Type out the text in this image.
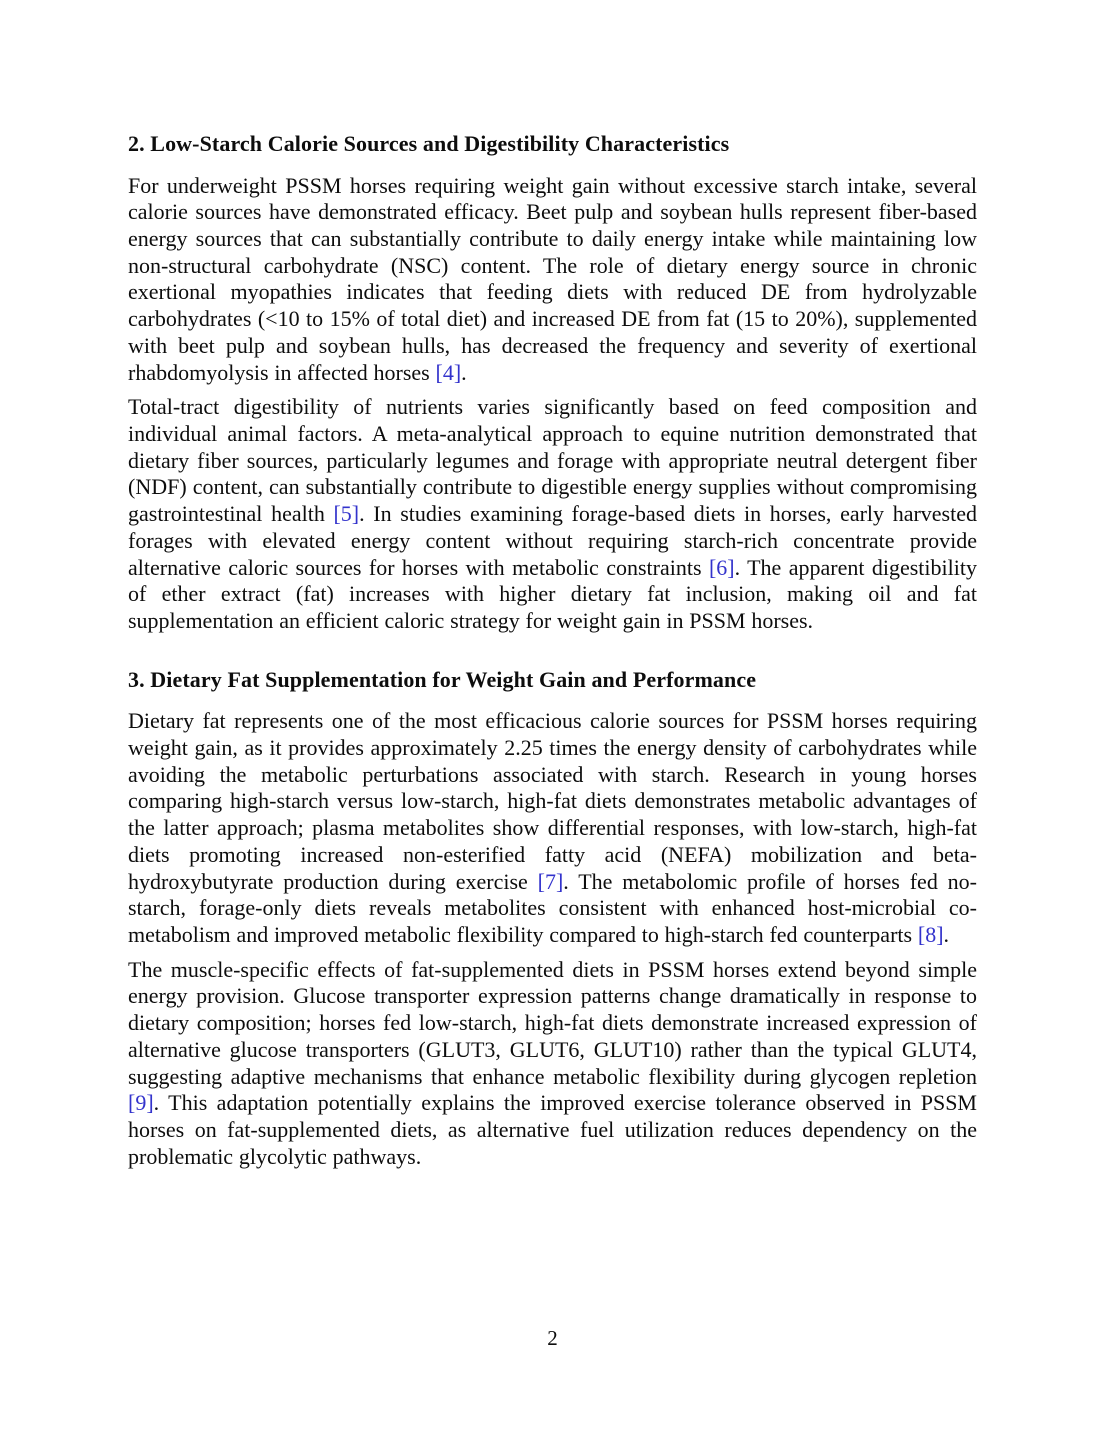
2. Low-Starch Calorie Sources and Digestibility Characteristics

For underweight PSSM horses requiring weight gain without excessive starch intake, several calorie sources have demonstrated efficacy. Beet pulp and soybean hulls represent fiber-based energy sources that can substantially contribute to daily energy intake while maintaining low non-structural carbohydrate (NSC) content. The role of dietary energy source in chronic exertional myopathies indicates that feeding diets with reduced DE from hydrolyzable carbohydrates (<10 to 15% of total diet) and increased DE from fat (15 to 20%), supplemented with beet pulp and soybean hulls, has decreased the frequency and severity of exertional rhabdomyolysis in affected horses [4].

Total-tract digestibility of nutrients varies significantly based on feed composition and individual animal factors. A meta-analytical approach to equine nutrition demonstrated that dietary fiber sources, particularly legumes and forage with appropriate neutral detergent fiber (NDF) content, can substantially contribute to digestible energy supplies without compromising gastrointestinal health [5]. In studies examining forage-based diets in horses, early harvested forages with elevated energy content without requiring starch-rich concentrate provide alternative caloric sources for horses with metabolic constraints [6]. The apparent digestibility of ether extract (fat) increases with higher dietary fat inclusion, making oil and fat supplementation an efficient caloric strategy for weight gain in PSSM horses.

3. Dietary Fat Supplementation for Weight Gain and Performance

Dietary fat represents one of the most efficacious calorie sources for PSSM horses requiring weight gain, as it provides approximately 2.25 times the energy density of carbohydrates while avoiding the metabolic perturbations associated with starch. Research in young horses comparing high-starch versus low-starch, high-fat diets demonstrates metabolic advantages of the latter approach; plasma metabolites show differential responses, with low-starch, high-fat diets promoting increased non-esterified fatty acid (NEFA) mobilization and beta-hydroxybutyrate production during exercise [7]. The metabolomic profile of horses fed no-starch, forage-only diets reveals metabolites consistent with enhanced host-microbial co-metabolism and improved metabolic flexibility compared to high-starch fed counterparts [8].

The muscle-specific effects of fat-supplemented diets in PSSM horses extend beyond simple energy provision. Glucose transporter expression patterns change dramatically in response to dietary composition; horses fed low-starch, high-fat diets demonstrate increased expression of alternative glucose transporters (GLUT3, GLUT6, GLUT10) rather than the typical GLUT4, suggesting adaptive mechanisms that enhance metabolic flexibility during glycogen repletion [9]. This adaptation potentially explains the improved exercise tolerance observed in PSSM horses on fat-supplemented diets, as alternative fuel utilization reduces dependency on the problematic glycolytic pathways.

2
